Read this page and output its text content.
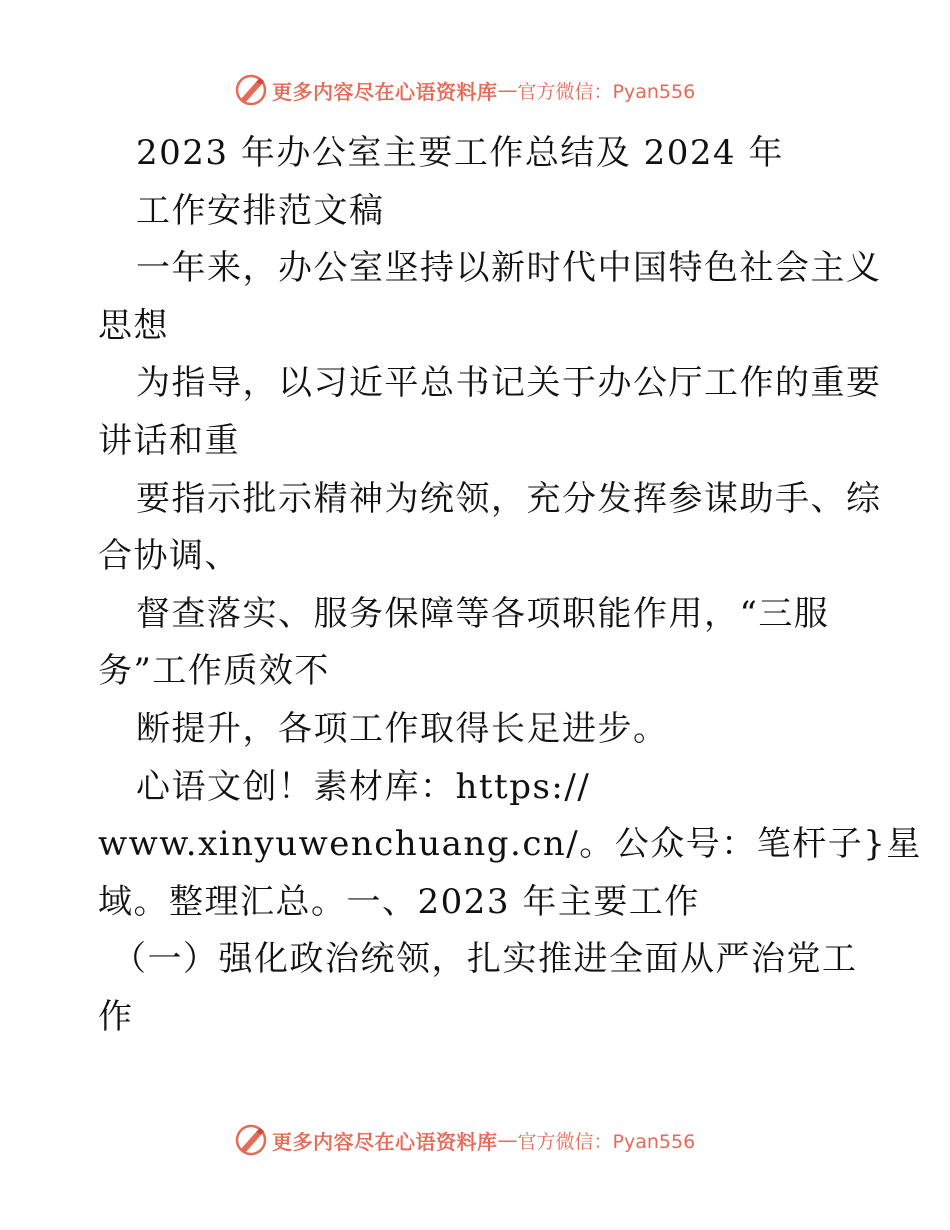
更多内容尽在心语资料库 — 官方微信：Pyan556
2023 年办公室主要工作总结及 2024 年
工作安排范文稿
一年来，办公室坚持以新时代中国特色社会主义
思想
为指导，以习近平总书记关于办公厅工作的重要
讲话和重
要指示批示精神为统领，充分发挥参谋助手、综
合协调、
督查落实、服务保障等各项职能作用，“三服
务”工作质效不
断提升，各项工作取得长足进步。
心语文创！素材库：https://
www.xinyuwenchuang.cn/。公众号：笔杆子}星
域。整理汇总。一、2023 年主要工作
（一）强化政治统领，扎实推进全面从严治党工
作
更多内容尽在心语资料库 — 官方微信：Pyan556
